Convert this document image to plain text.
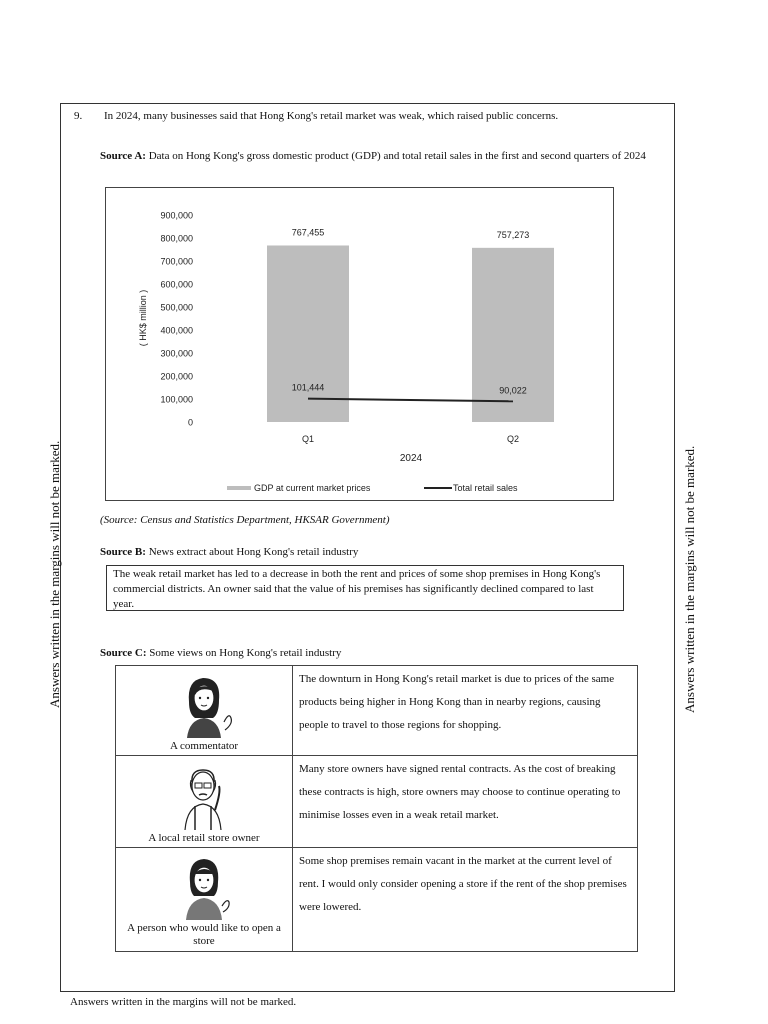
9. In 2024, many businesses said that Hong Kong's retail market was weak, which raised public concerns.
Source A: Data on Hong Kong's gross domestic product (GDP) and total retail sales in the first and second quarters of 2024
0
100,000
200,000
300,000
400,000
500,000
600,000
700,000
800,000
900,000
( HK$ million )
767,455	757,273
101,444	90,022
Q1	Q2
2024
GDP at current market prices	Total retail sales
(Source: Census and Statistics Department, HKSAR Government)
Source B: News extract about Hong Kong's retail industry
The weak retail market has led to a decrease in both the rent and prices of some shop premises in Hong Kong's commercial districts. An owner said that the value of his premises has significantly declined compared to last year.
Source C: Some views on Hong Kong's retail industry
A commentator	The downturn in Hong Kong's retail market is due to prices of the same products being higher in Hong Kong than in nearby regions, causing people to travel to those regions for shopping.

A local retail store owner	Many store owners have signed rental contracts. As the cost of breaking these contracts is high, store owners may choose to continue operating to minimise losses even in a weak retail market.

A person who would like to open a store	Some shop premises remain vacant in the market at the current level of rent. I would only consider opening a store if the rent of the shop premises were lowered.
Answers written in the margins will not be marked.	Answers written in the margins will not be marked.
Answers written in the margins will not be marked.
